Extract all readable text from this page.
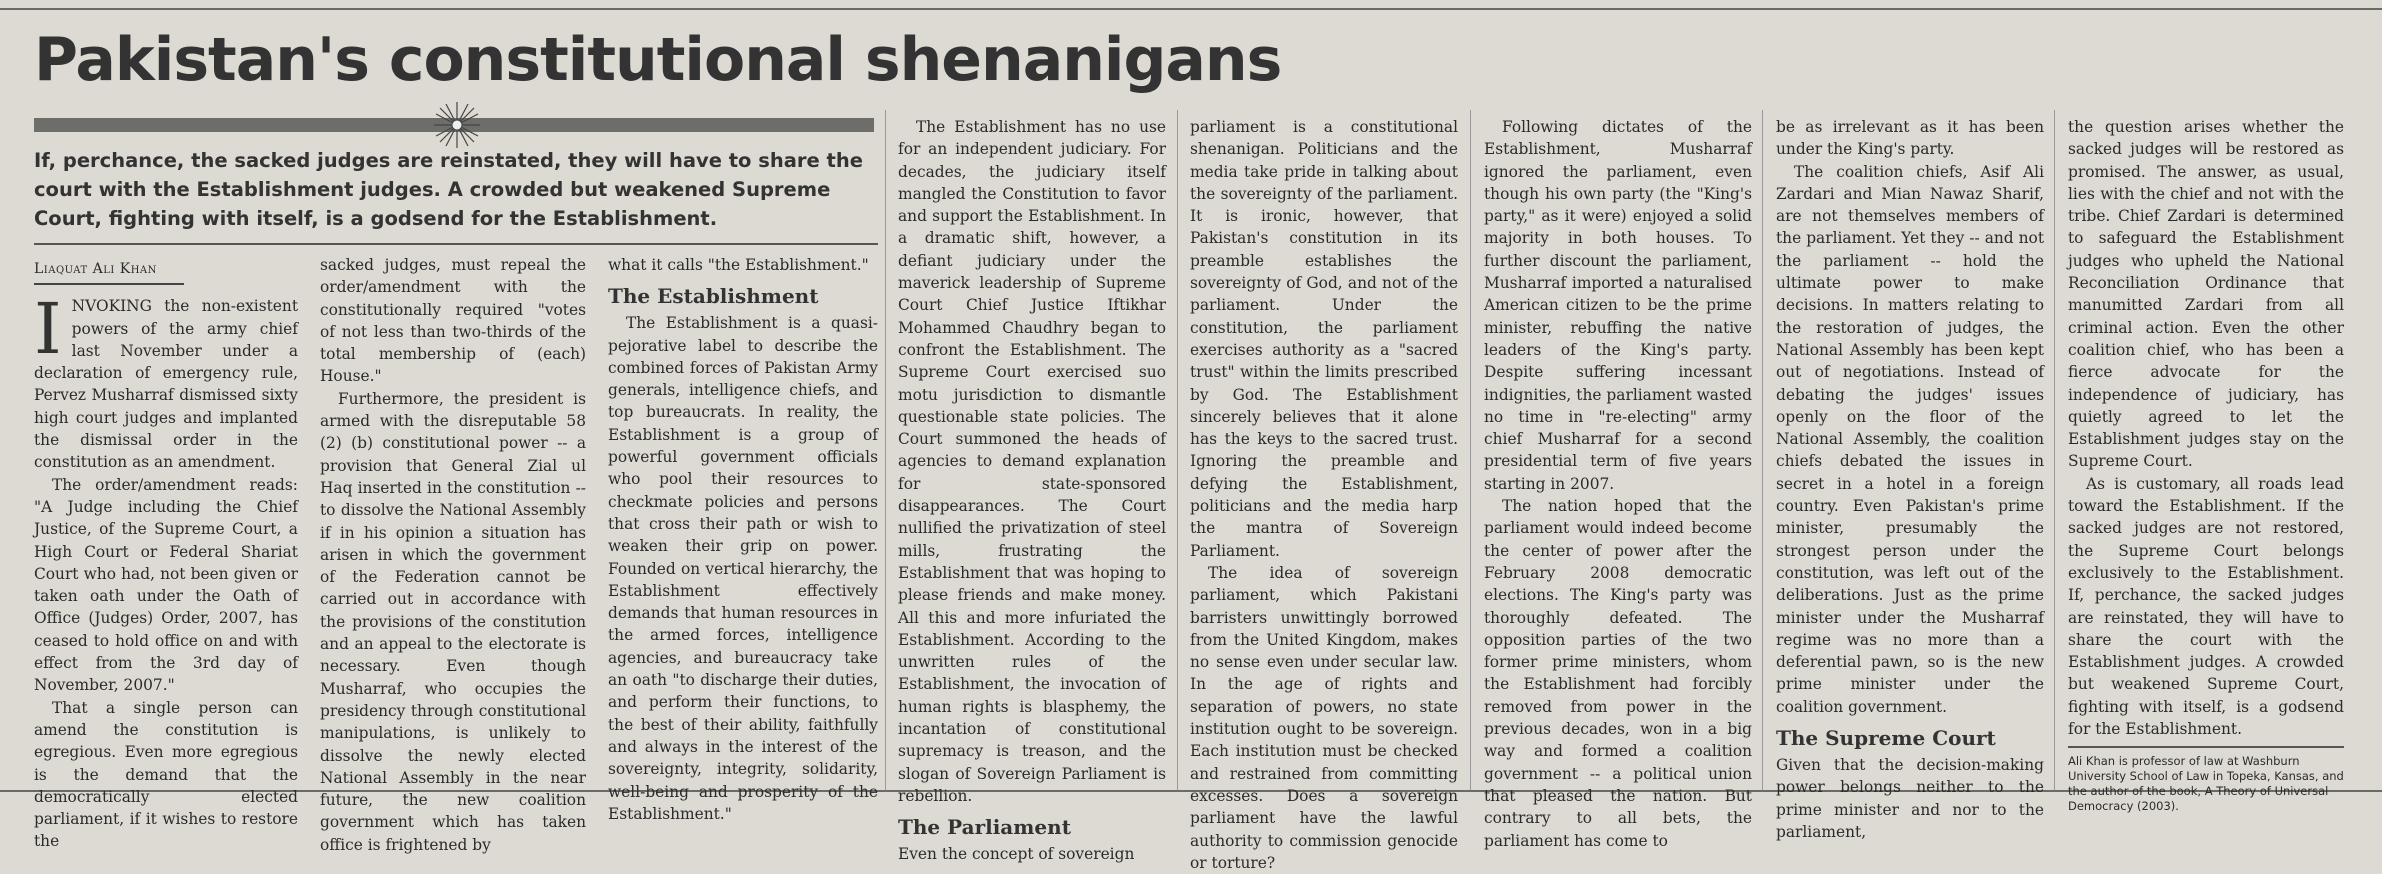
Pakistan's constitutional shenanigans

If, perchance, the sacked judges are reinstated, they will have to share the court with the Establishment judges. A crowded but weakened Supreme Court, fighting with itself, is a godsend for the Establishment.

Liaquat Ali Khan
I NVOKING the non-existent powers of the army chief last November under a declaration of emergency rule, Pervez Musharraf dismissed sixty high court judges and implanted the dismissal order in the constitution as an amendment.

The order/amendment reads: "A Judge including the Chief Justice, of the Supreme Court, a High Court or Federal Shariat Court who had, not been given or taken oath under the Oath of Office (Judges) Order, 2007, has ceased to hold office on and with effect from the 3rd day of November, 2007."

That a single person can amend the constitution is egregious. Even more egregious is the demand that the democratically elected parliament, if it wishes to restore the

sacked judges, must repeal the order/amendment with the constitutionally required "votes of not less than two-thirds of the total membership of (each) House."

Furthermore, the president is armed with the disreputable 58 (2) (b) constitutional power -- a provision that General Zial ul Haq inserted in the constitution -- to dissolve the National Assembly if in his opinion a situation has arisen in which the government of the Federation cannot be carried out in accordance with the provisions of the constitution and an appeal to the electorate is necessary. Even though Musharraf, who occupies the presidency through constitutional manipulations, is unlikely to dissolve the newly elected National Assembly in the near future, the new coalition government which has taken office is frightened by

what it calls "the Establishment."

The Establishment

The Establishment is a quasi-pejorative label to describe the combined forces of Pakistan Army generals, intelligence chiefs, and top bureaucrats. In reality, the Establishment is a group of powerful government officials who pool their resources to checkmate policies and persons that cross their path or wish to weaken their grip on power. Founded on vertical hierarchy, the Establishment effectively demands that human resources in the armed forces, intelligence agencies, and bureaucracy take an oath "to discharge their duties, and perform their functions, to the best of their ability, faithfully and always in the interest of the sovereignty, integrity, solidarity, well-being and prosperity of the Establishment."

The Establishment has no use for an independent judiciary. For decades, the judiciary itself mangled the Constitution to favor and support the Establishment. In a dramatic shift, however, a defiant judiciary under the maverick leadership of Supreme Court Chief Justice Iftikhar Mohammed Chaudhry began to confront the Establishment. The Supreme Court exercised suo motu jurisdiction to dismantle questionable state policies. The Court summoned the heads of agencies to demand explanation for state-sponsored disappearances. The Court nullified the privatization of steel mills, frustrating the Establishment that was hoping to please friends and make money. All this and more infuriated the Establishment. According to the unwritten rules of the Establishment, the invocation of human rights is blasphemy, the incantation of constitutional supremacy is treason, and the slogan of Sovereign Parliament is rebellion.

The Parliament

Even the concept of sovereign

parliament is a constitutional shenanigan. Politicians and the media take pride in talking about the sovereignty of the parliament. It is ironic, however, that Pakistan's constitution in its preamble establishes the sovereignty of God, and not of the parliament. Under the constitution, the parliament exercises authority as a "sacred trust" within the limits prescribed by God. The Establishment sincerely believes that it alone has the keys to the sacred trust. Ignoring the preamble and defying the Establishment, politicians and the media harp the mantra of Sovereign Parliament.

The idea of sovereign parliament, which Pakistani barristers unwittingly borrowed from the United Kingdom, makes no sense even under secular law. In the age of rights and separation of powers, no state institution ought to be sovereign. Each institution must be checked and restrained from committing excesses. Does a sovereign parliament have the lawful authority to commission genocide or torture?

Following dictates of the Establishment, Musharraf ignored the parliament, even though his own party (the "King's party," as it were) enjoyed a solid majority in both houses. To further discount the parliament, Musharraf imported a naturalised American citizen to be the prime minister, rebuffing the native leaders of the King's party. Despite suffering incessant indignities, the parliament wasted no time in "re-electing" army chief Musharraf for a second presidential term of five years starting in 2007.

The nation hoped that the parliament would indeed become the center of power after the February 2008 democratic elections. The King's party was thoroughly defeated. The opposition parties of the two former prime ministers, whom the Establishment had forcibly removed from power in the previous decades, won in a big way and formed a coalition government -- a political union that pleased the nation. But contrary to all bets, the parliament has come to

be as irrelevant as it has been under the King's party.

The coalition chiefs, Asif Ali Zardari and Mian Nawaz Sharif, are not themselves members of the parliament. Yet they -- and not the parliament -- hold the ultimate power to make decisions. In matters relating to the restoration of judges, the National Assembly has been kept out of negotiations. Instead of debating the judges' issues openly on the floor of the National Assembly, the coalition chiefs debated the issues in secret in a hotel in a foreign country. Even Pakistan's prime minister, presumably the strongest person under the constitution, was left out of the deliberations. Just as the prime minister under the Musharraf regime was no more than a deferential pawn, so is the new prime minister under the coalition government.

The Supreme Court

Given that the decision-making power belongs neither to the prime minister and nor to the parliament,

the question arises whether the sacked judges will be restored as promised. The answer, as usual, lies with the chief and not with the tribe. Chief Zardari is determined to safeguard the Establishment judges who upheld the National Reconciliation Ordinance that manumitted Zardari from all criminal action. Even the other coalition chief, who has been a fierce advocate for the independence of judiciary, has quietly agreed to let the Establishment judges stay on the Supreme Court.

As is customary, all roads lead toward the Establishment. If the sacked judges are not restored, the Supreme Court belongs exclusively to the Establishment. If, perchance, the sacked judges are reinstated, they will have to share the court with the Establishment judges. A crowded but weakened Supreme Court, fighting with itself, is a godsend for the Establishment.

Ali Khan is professor of law at Washburn University School of Law in Topeka, Kansas, and the author of the book, A Theory of Universal Democracy (2003).
